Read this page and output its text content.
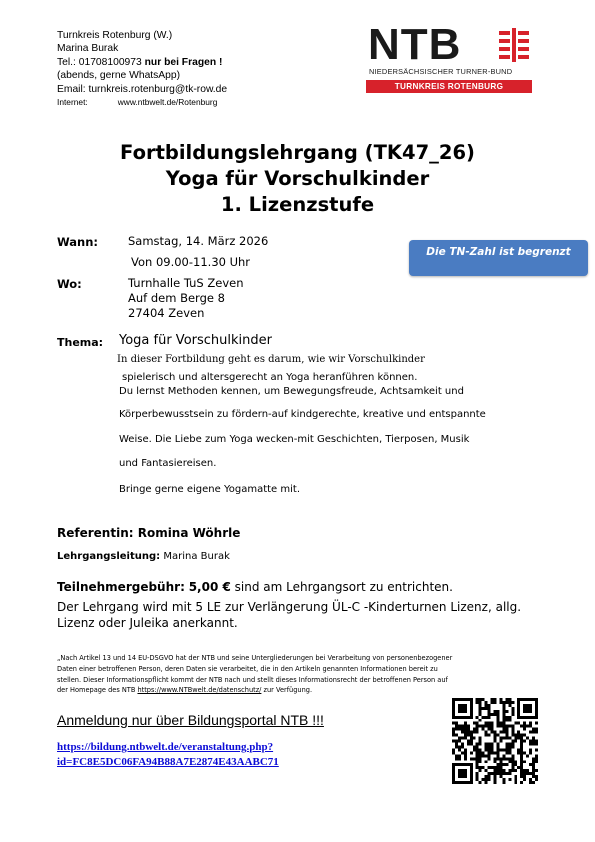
Turnkreis Rotenburg (W.)
Marina Burak
Tel.: 01708100973 nur bei Fragen !
(abends, gerne WhatsApp)
Email: turnkreis.rotenburg@tk-row.de
Internet:	www.ntbwelt.de/Rotenburg
NTB
NIEDERSÄCHSISCHER TURNER-BUND
TURNKREIS ROTENBURG
Fortbildungslehrgang (TK47_26)
Yoga für Vorschulkinder
1. Lizenzstufe
Wann:	Samstag, 14. März 2026
Von 09.00-11.30 Uhr
Die TN-Zahl ist begrenzt
Wo:	Turnhalle TuS Zeven
Auf dem Berge 8
27404 Zeven
Thema: Yoga für Vorschulkinder
In dieser Fortbildung geht es darum, wie wir Vorschulkinder
spielerisch und altersgerecht an Yoga heranführen können.
Du lernst Methoden kennen, um Bewegungsfreude, Achtsamkeit und
Körperbewusstsein zu fördern-auf kindgerechte, kreative und entspannte
Weise. Die Liebe zum Yoga wecken-mit Geschichten, Tierposen, Musik
und Fantasiereisen.
Bringe gerne eigene Yogamatte mit.
Referentin: Romina Wöhrle
Lehrgangsleitung: Marina Burak
Teilnehmergebühr: 5,00 € sind am Lehrgangsort zu entrichten.
Der Lehrgang wird mit 5 LE zur Verlängerung ÜL-C -Kinderturnen Lizenz, allg.
Lizenz oder Juleika anerkannt.
„Nach Artikel 13 und 14 EU-DSGVO hat der NTB und seine Untergliederungen bei Verarbeitung von personenbezogener
Daten einer betroffenen Person, deren Daten sie verarbeitet, die in den Artikeln genannten Informationen bereit zu
stellen. Dieser Informationspflicht kommt der NTB nach und stellt dieses Informationsrecht der betroffenen Person auf
der Homepage des NTB https://www.NTBwelt.de/datenschutz/ zur Verfügung.
Anmeldung nur über Bildungsportal NTB !!!
https://bildung.ntbwelt.de/veranstaltung.php?
id=FC8E5DC06FA94B88A7E2874E43AABC71
